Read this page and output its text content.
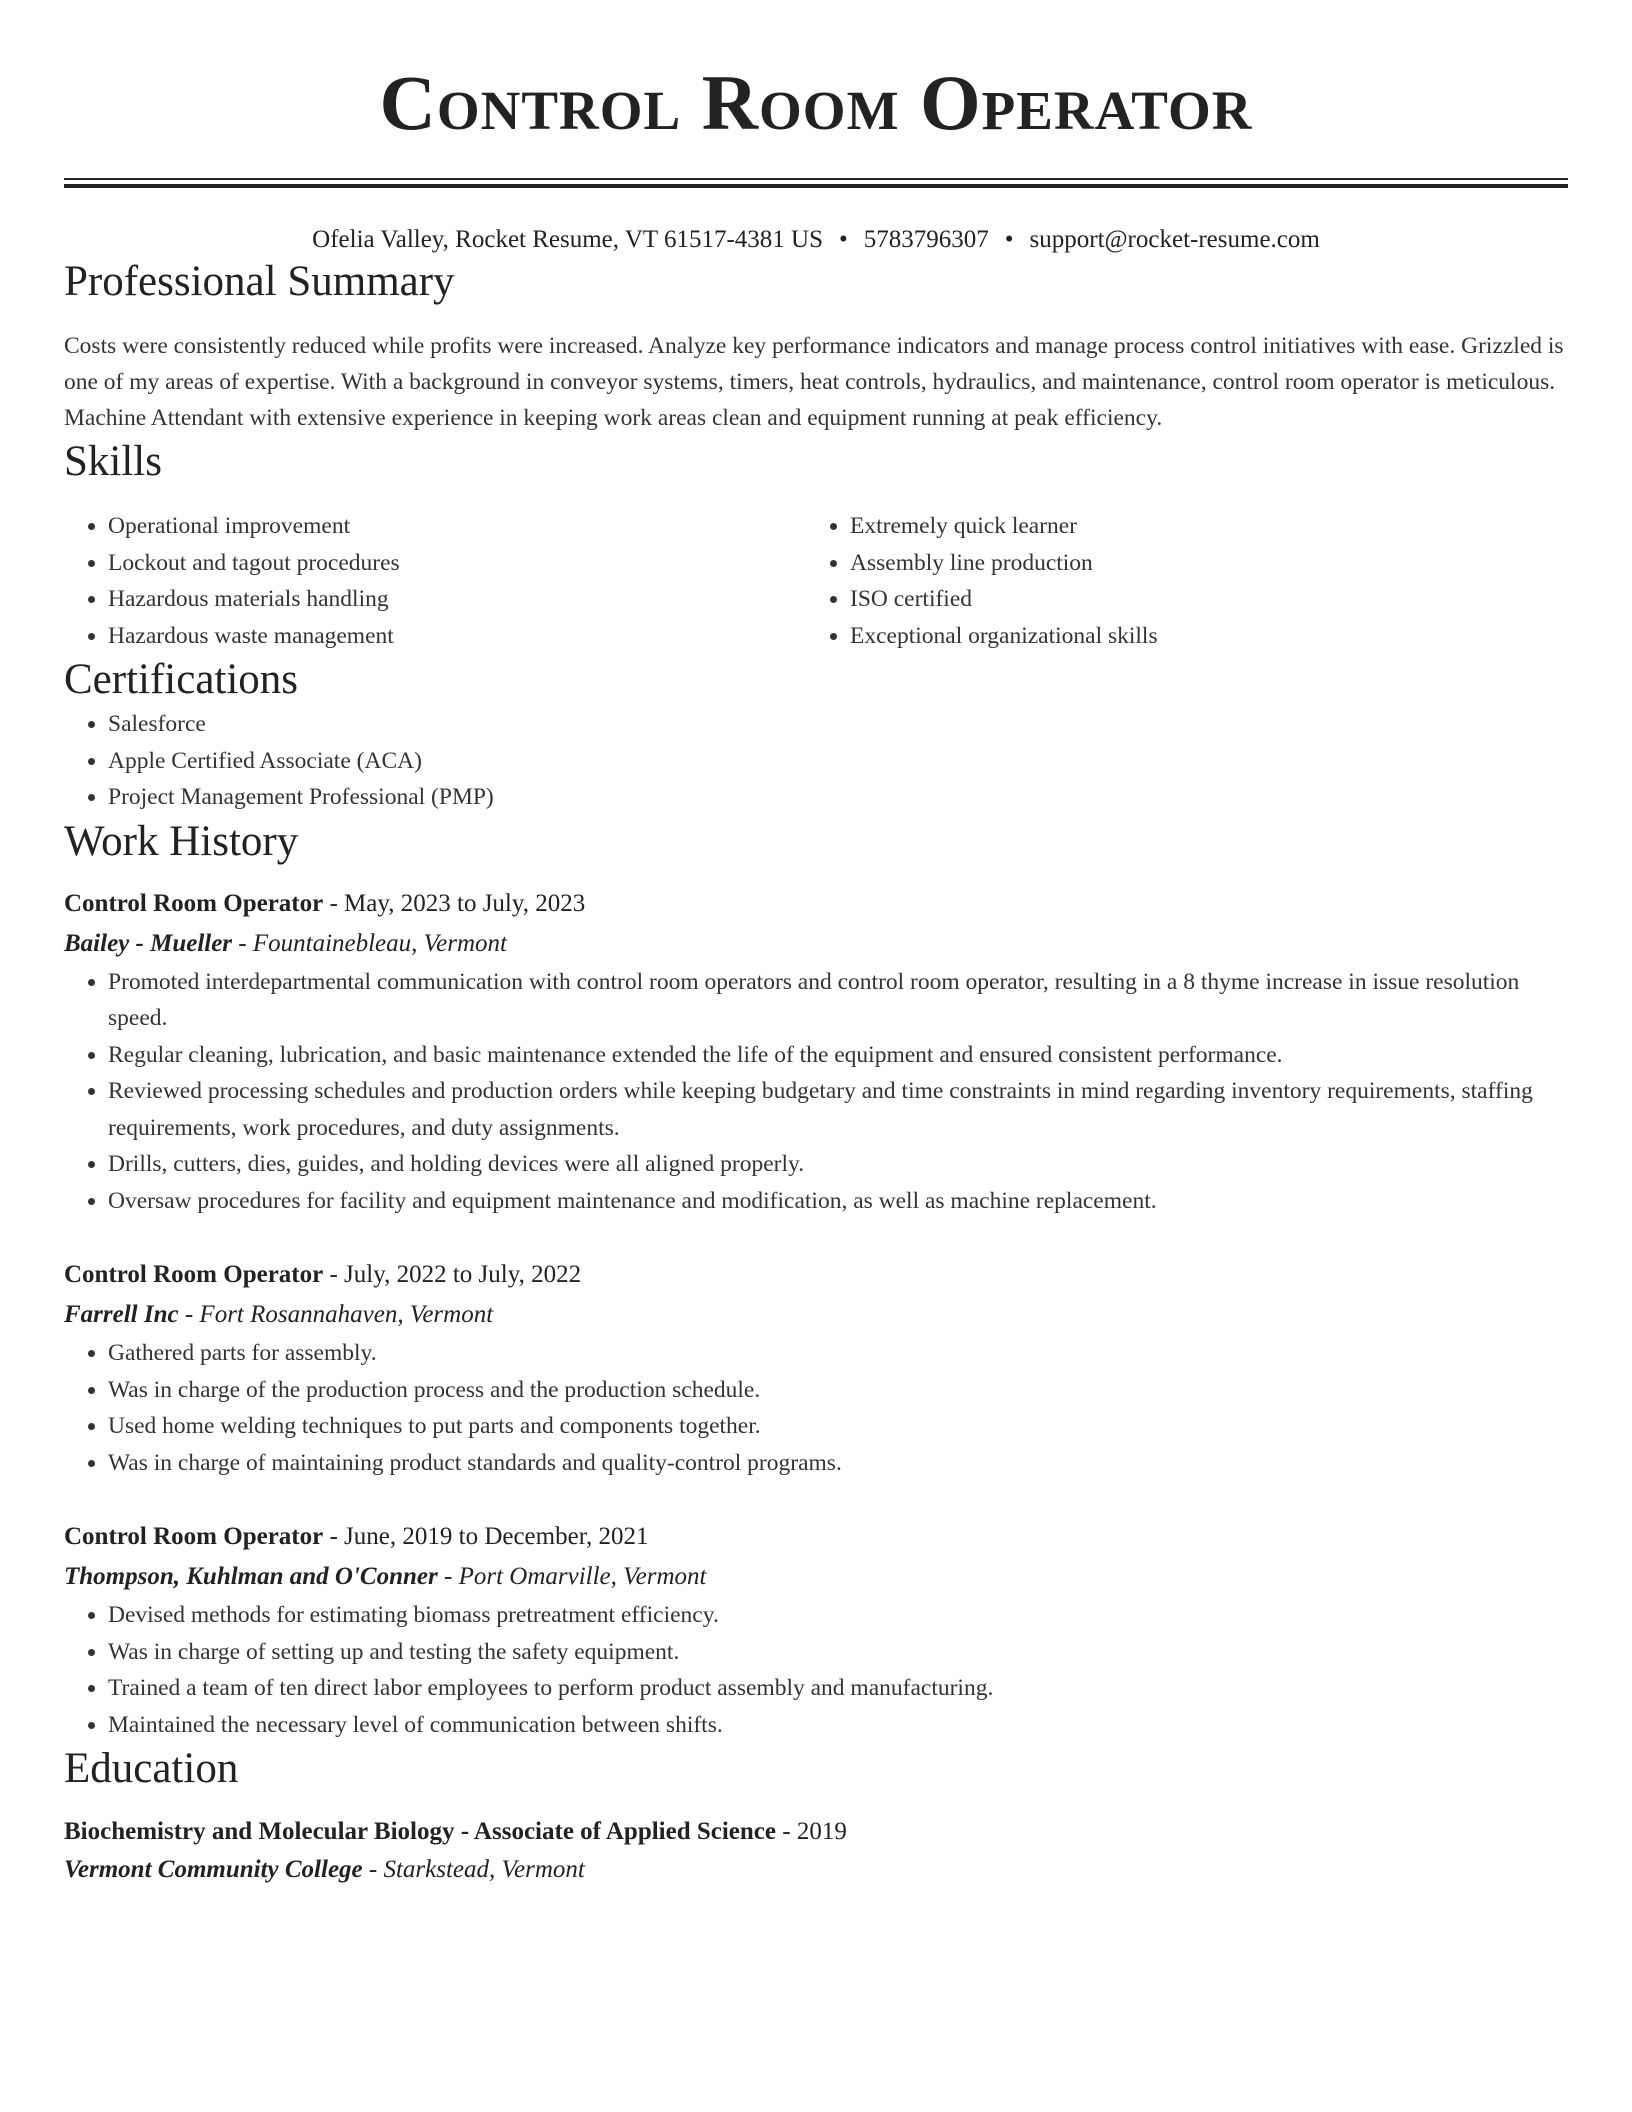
Control Room Operator
Ofelia Valley, Rocket Resume, VT 61517-4381 US • 5783796307 • support@rocket-resume.com
Professional Summary
Costs were consistently reduced while profits were increased. Analyze key performance indicators and manage process control initiatives with ease. Grizzled is one of my areas of expertise. With a background in conveyor systems, timers, heat controls, hydraulics, and maintenance, control room operator is meticulous. Machine Attendant with extensive experience in keeping work areas clean and equipment running at peak efficiency.
Skills
• Operational improvement
• Lockout and tagout procedures
• Hazardous materials handling
• Hazardous waste management
• Extremely quick learner
• Assembly line production
• ISO certified
• Exceptional organizational skills
Certifications
• Salesforce
• Apple Certified Associate (ACA)
• Project Management Professional (PMP)
Work History
Control Room Operator - May, 2023 to July, 2023
Bailey - Mueller - Fountainebleau, Vermont
• Promoted interdepartmental communication with control room operators and control room operator, resulting in a 8 thyme increase in issue resolution speed.
• Regular cleaning, lubrication, and basic maintenance extended the life of the equipment and ensured consistent performance.
• Reviewed processing schedules and production orders while keeping budgetary and time constraints in mind regarding inventory requirements, staffing requirements, work procedures, and duty assignments.
• Drills, cutters, dies, guides, and holding devices were all aligned properly.
• Oversaw procedures for facility and equipment maintenance and modification, as well as machine replacement.
Control Room Operator - July, 2022 to July, 2022
Farrell Inc - Fort Rosannahaven, Vermont
• Gathered parts for assembly.
• Was in charge of the production process and the production schedule.
• Used home welding techniques to put parts and components together.
• Was in charge of maintaining product standards and quality-control programs.
Control Room Operator - June, 2019 to December, 2021
Thompson, Kuhlman and O'Conner - Port Omarville, Vermont
• Devised methods for estimating biomass pretreatment efficiency.
• Was in charge of setting up and testing the safety equipment.
• Trained a team of ten direct labor employees to perform product assembly and manufacturing.
• Maintained the necessary level of communication between shifts.
Education
Biochemistry and Molecular Biology - Associate of Applied Science - 2019
Vermont Community College - Starkstead, Vermont
